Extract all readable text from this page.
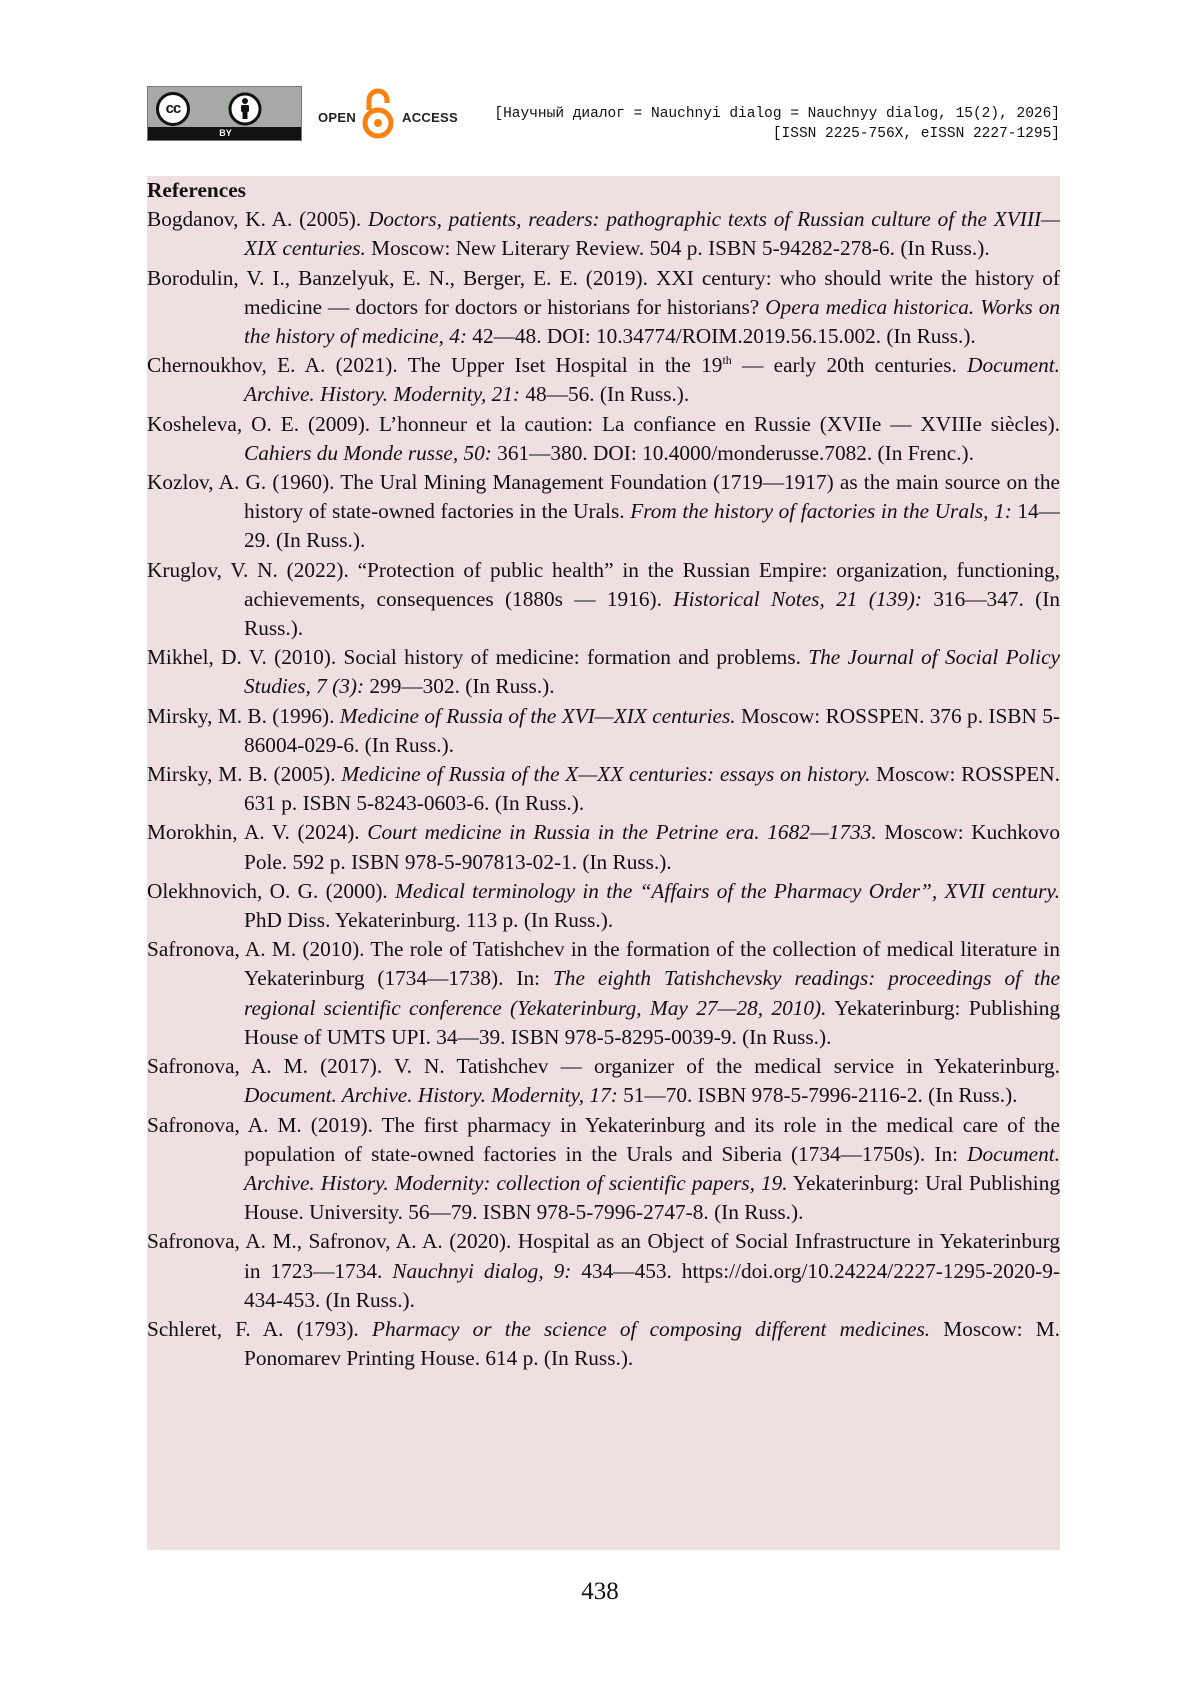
cc
BY
OPEN	ACCESS	[Научный диалог = Nauchnyi dialog = Nauchnyy dialog, 15(2), 2026]
[ISSN 2225-756X, eISSN 2227-1295]
References

Bogdanov, K. A. (2005). Doctors, patients, readers: pathographic texts of Russian culture of the XVIII—XIX centuries. Moscow: New Literary Review. 504 p. ISBN 5-94282-278-6. (In Russ.).

Borodulin, V. I., Banzelyuk, E. N., Berger, E. E. (2019). XXI century: who should write the history of medicine — doctors for doctors or historians for historians? Opera medica historica. Works on the history of medicine, 4: 42—48. DOI: 10.34774/ROIM.2019.56.15.002. (In Russ.).

Chernoukhov, E. A. (2021). The Upper Iset Hospital in the 19th — early 20th centuries. Document. Archive. History. Modernity, 21: 48—56. (In Russ.).

Kosheleva, O. E. (2009). L’honneur et la caution: La confiance en Russie (XVIIe — XVIIIe siècles). Cahiers du Monde russe, 50: 361—380. DOI: 10.4000/monderusse.7082. (In Frenc.).

Kozlov, A. G. (1960). The Ural Mining Management Foundation (1719—1917) as the main source on the history of state-owned factories in the Urals. From the history of factories in the Urals, 1: 14—29. (In Russ.).

Kruglov, V. N. (2022). “Protection of public health” in the Russian Empire: organization, functioning, achievements, consequences (1880s — 1916). Historical Notes, 21 (139): 316—347. (In Russ.).

Mikhel, D. V. (2010). Social history of medicine: formation and problems. The Journal of Social Policy Studies, 7 (3): 299—302. (In Russ.).

Mirsky, M. B. (1996). Medicine of Russia of the XVI—XIX centuries. Moscow: ROSSPEN. 376 p. ISBN 5-86004-029-6. (In Russ.).

Mirsky, M. B. (2005). Medicine of Russia of the X—XX centuries: essays on history. Moscow: ROSSPEN. 631 p. ISBN 5-8243-0603-6. (In Russ.).

Morokhin, A. V. (2024). Court medicine in Russia in the Petrine era. 1682—1733. Moscow: Kuchkovo Pole. 592 p. ISBN 978-5-907813-02-1. (In Russ.).

Olekhnovich, O. G. (2000). Medical terminology in the “Affairs of the Pharmacy Order”, XVII century. PhD Diss. Yekaterinburg. 113 p. (In Russ.).

Safronova, A. M. (2010). The role of Tatishchev in the formation of the collection of medical literature in Yekaterinburg (1734—1738). In: The eighth Tatishchevsky readings: proceedings of the regional scientific conference (Yekaterinburg, May 27—28, 2010). Yekaterinburg: Publishing House of UMTS UPI. 34—39. ISBN 978-5-8295-0039-9. (In Russ.).

Safronova, A. M. (2017). V. N. Tatishchev — organizer of the medical service in Yekaterinburg. Document. Archive. History. Modernity, 17: 51—70. ISBN 978-5-7996-2116-2. (In Russ.).

Safronova, A. M. (2019). The first pharmacy in Yekaterinburg and its role in the medical care of the population of state-owned factories in the Urals and Siberia (1734—1750s). In: Document. Archive. History. Modernity: collection of scientific papers, 19. Yekaterinburg: Ural Publishing House. University. 56—79. ISBN 978-5-7996-2747-8. (In Russ.).

Safronova, A. M., Safronov, A. A. (2020). Hospital as an Object of Social Infrastructure in Yekaterinburg in 1723—1734. Nauchnyi dialog, 9: 434—453. https://doi.org/10.24224/2227-1295-2020-9-434-453. (In Russ.).

Schleret, F. A. (1793). Pharmacy or the science of composing different medicines. Moscow: M. Ponomarev Printing House. 614 p. (In Russ.).

438
